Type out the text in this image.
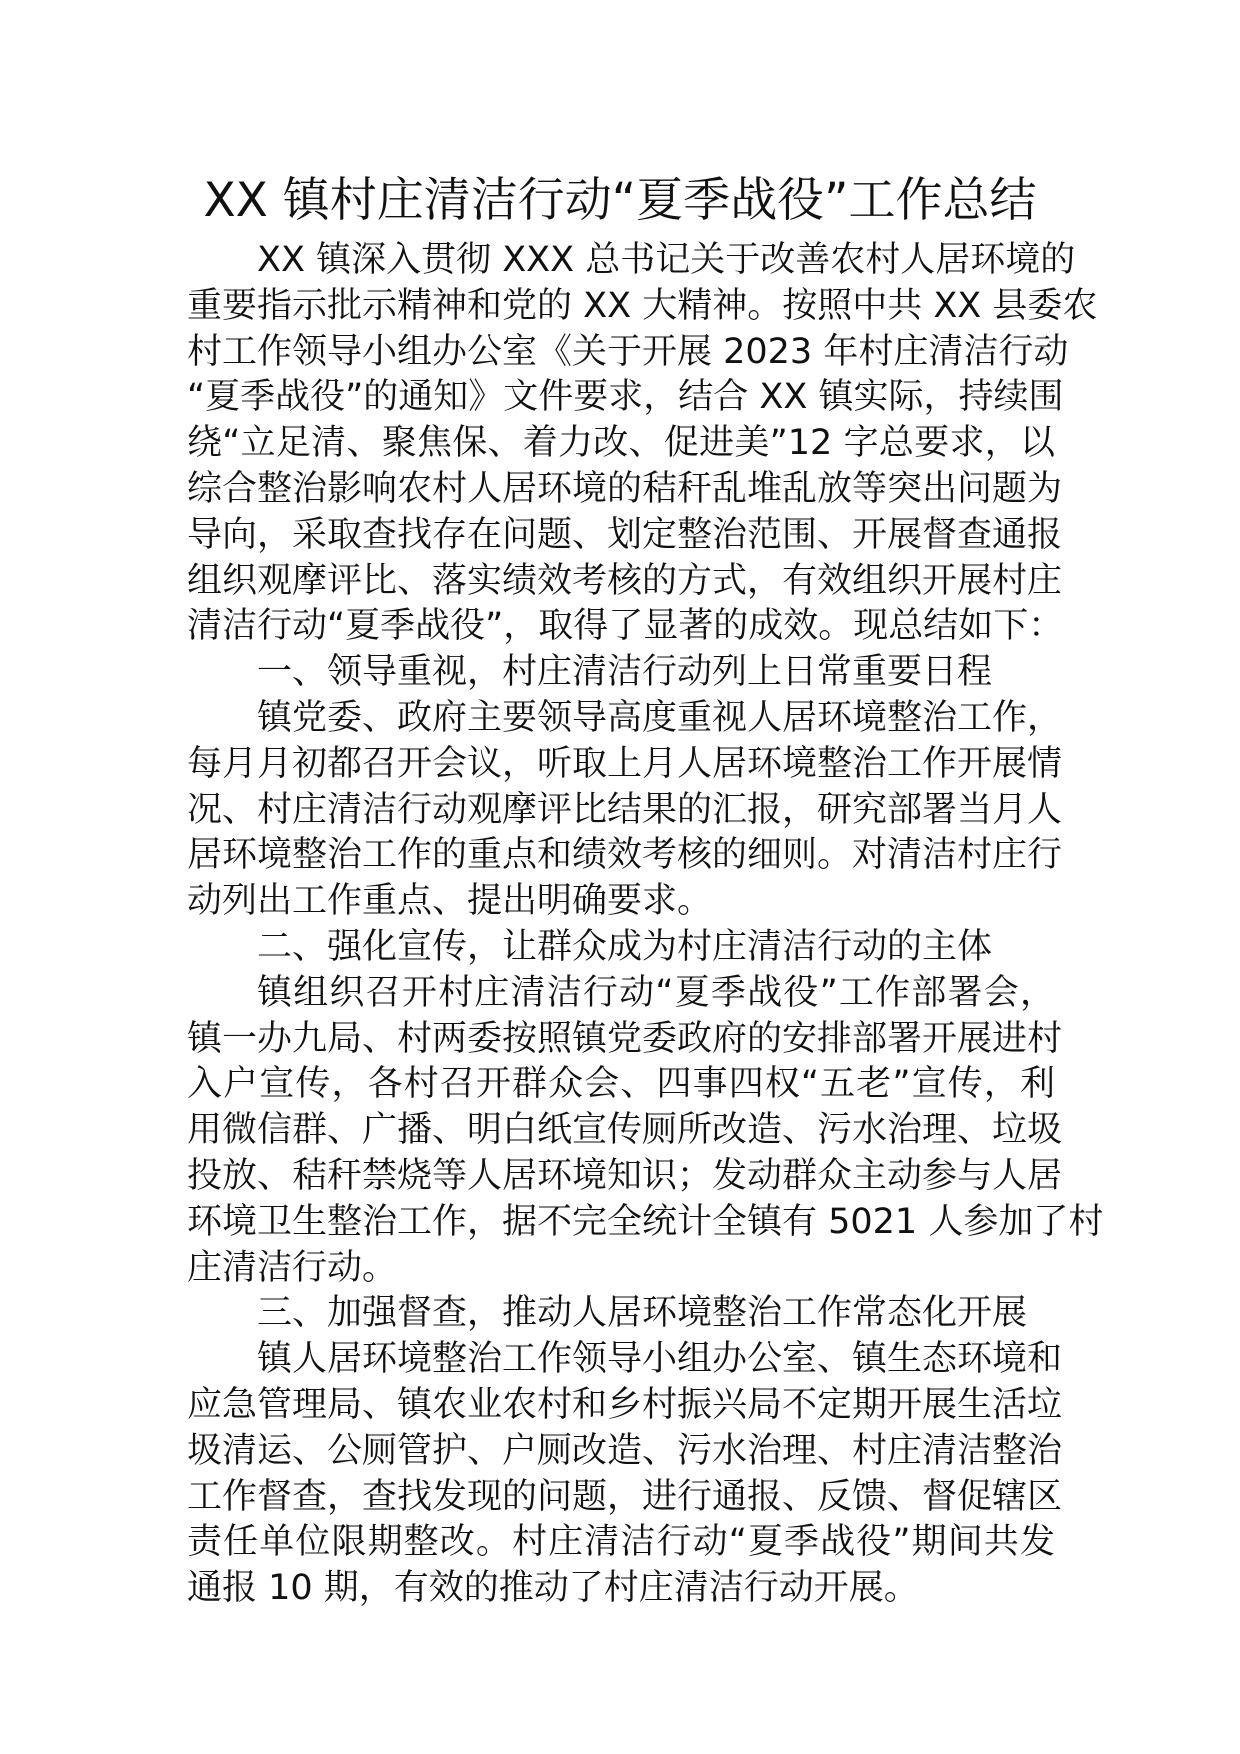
XX 镇村庄清洁行动“夏季战役”工作总结
XX 镇深入贯彻 XXX 总书记关于改善农村人居环境的
重要指示批示精神和党的 XX 大精神。按照中共 XX 县委农
村工作领导小组办公室《关于开展 2023 年村庄清洁行动
“夏季战役”的通知》文件要求，结合 XX 镇实际，持续围
绕“立足清、聚焦保、着力改、促进美”12 字总要求，以
综合整治影响农村人居环境的秸秆乱堆乱放等突出问题为
导向，采取查找存在问题、划定整治范围、开展督查通报
组织观摩评比、落实绩效考核的方式，有效组织开展村庄
清洁行动“夏季战役”，取得了显著的成效。现总结如下：
一、领导重视，村庄清洁行动列上日常重要日程
镇党委、政府主要领导高度重视人居环境整治工作，
每月月初都召开会议，听取上月人居环境整治工作开展情
况、村庄清洁行动观摩评比结果的汇报，研究部署当月人
居环境整治工作的重点和绩效考核的细则。对清洁村庄行
动列出工作重点、提出明确要求。
二、强化宣传，让群众成为村庄清洁行动的主体
镇组织召开村庄清洁行动“夏季战役”工作部署会，
镇一办九局、村两委按照镇党委政府的安排部署开展进村
入户宣传，各村召开群众会、四事四权“五老”宣传，利
用微信群、广播、明白纸宣传厕所改造、污水治理、垃圾
投放、秸秆禁烧等人居环境知识；发动群众主动参与人居
环境卫生整治工作，据不完全统计全镇有 5021 人参加了村
庄清洁行动。
三、加强督查，推动人居环境整治工作常态化开展
镇人居环境整治工作领导小组办公室、镇生态环境和
应急管理局、镇农业农村和乡村振兴局不定期开展生活垃
圾清运、公厕管护、户厕改造、污水治理、村庄清洁整治
工作督查，查找发现的问题，进行通报、反馈、督促辖区
责任单位限期整改。村庄清洁行动“夏季战役”期间共发
通报 10 期，有效的推动了村庄清洁行动开展。
